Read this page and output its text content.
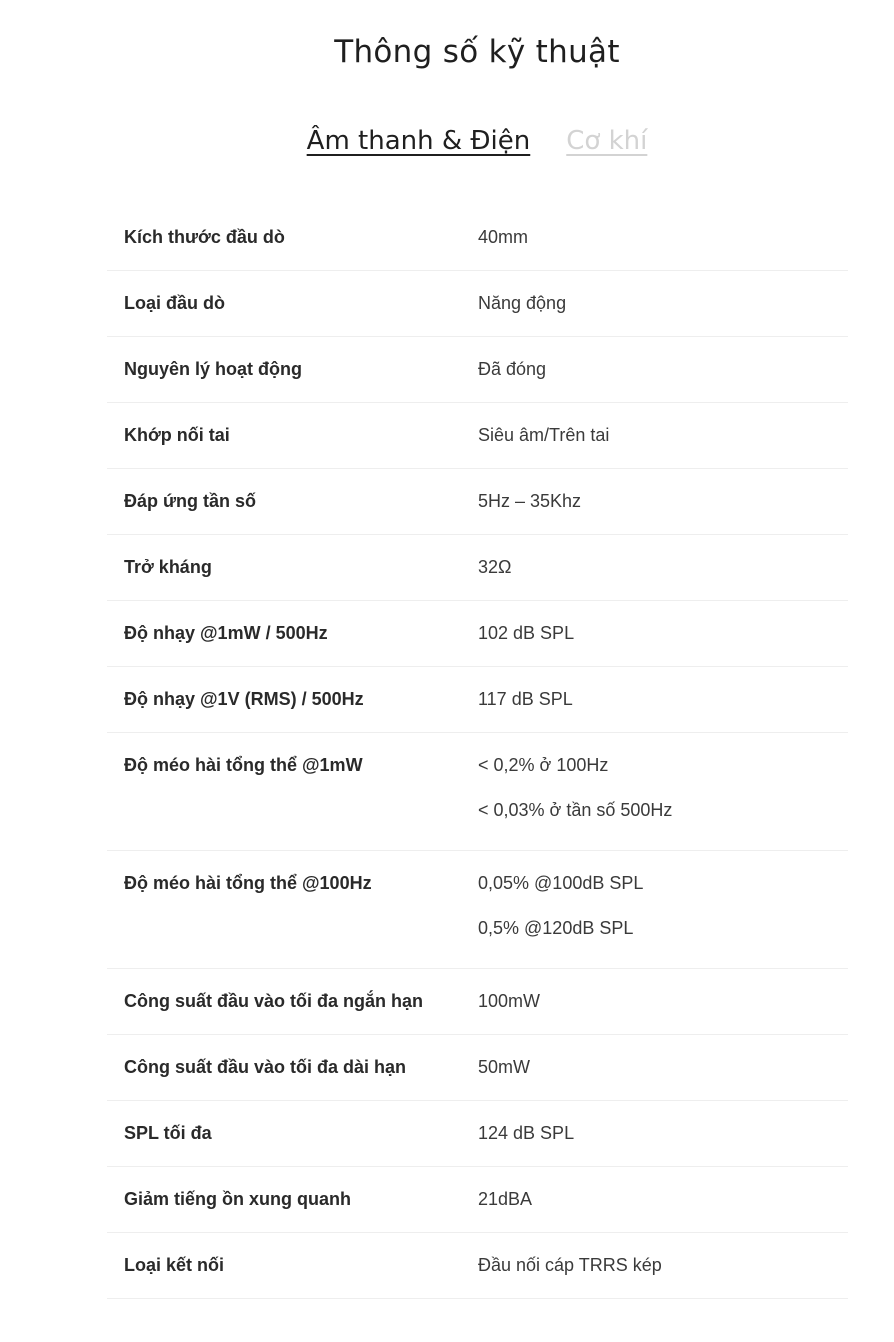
Thông số kỹ thuật
Âm thanh & Điện Cơ khí
Kích thước đầu dò	40mm
Loại đầu dò	Năng động
Nguyên lý hoạt động	Đã đóng
Khớp nối tai	Siêu âm/Trên tai
Đáp ứng tần số	5Hz – 35Khz
Trở kháng	32Ω
Độ nhạy @1mW / 500Hz	102 dB SPL
Độ nhạy @1V (RMS) / 500Hz	117 dB SPL
Độ méo hài tổng thể @1mW	< 0,2% ở 100Hz
< 0,03% ở tần số 500Hz
Độ méo hài tổng thể @100Hz	0,05% @100dB SPL
0,5% @120dB SPL
Công suất đầu vào tối đa ngắn hạn	100mW
Công suất đầu vào tối đa dài hạn	50mW
SPL tối đa	124 dB SPL
Giảm tiếng ồn xung quanh	21dBA
Loại kết nối	Đầu nối cáp TRRS kép
